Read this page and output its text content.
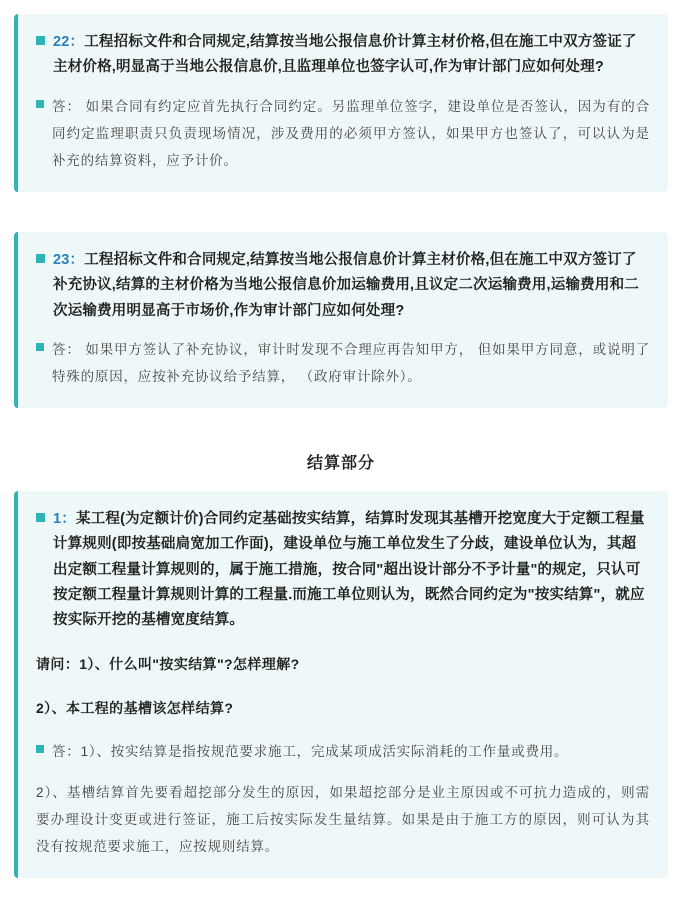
22：工程招标文件和合同规定,结算按当地公报信息价计算主材价格,但在施工中双方签证了主材价格,明显高于当地公报信息价,且监理单位也签字认可,作为审计部门应如何处理?
答： 如果合同有约定应首先执行合同约定。另监理单位签字，建设单位是否签认，因为有的合同约定监理职责只负责现场情况，涉及费用的必须甲方签认，如果甲方也签认了，可以认为是补充的结算资料，应予计价。
23：工程招标文件和合同规定,结算按当地公报信息价计算主材价格,但在施工中双方签订了补充协议,结算的主材价格为当地公报信息价加运输费用,且议定二次运输费用,运输费用和二次运输费用明显高于市场价,作为审计部门应如何处理?
答： 如果甲方签认了补充协议，审计时发现不合理应再告知甲方， 但如果甲方同意，或说明了特殊的原因，应按补充协议给予结算， （政府审计除外）。
结算部分
1：某工程(为定额计价)合同约定基础按实结算，结算时发现其基槽开挖宽度大于定额工程量计算规则(即按基础扃宽加工作面)，建设单位与施工单位发生了分歧，建设单位认为，其超出定额工程量计算规则的，属于施工措施，按合同"超出设计部分不予计量"的规定，只认可按定额工程量计算规则计算的工程量.而施工单位则认为，既然合同约定为"按实结算"，就应按实际开挖的基槽宽度结算。
请问：1）、什么叫"按实结算"?怎样理解?
2）、本工程的基槽该怎样结算?
答：1）、按实结算是指按规范要求施工，完成某项成活实际消耗的工作量或费用。
2）、基槽结算首先要看超挖部分发生的原因，如果超挖部分是业主原因或不可抗力造成的，则需要办理设计变更或进行签证，施工后按实际发生量结算。如果是由于施工方的原因，则可认为其没有按规范要求施工，应按规则结算。
